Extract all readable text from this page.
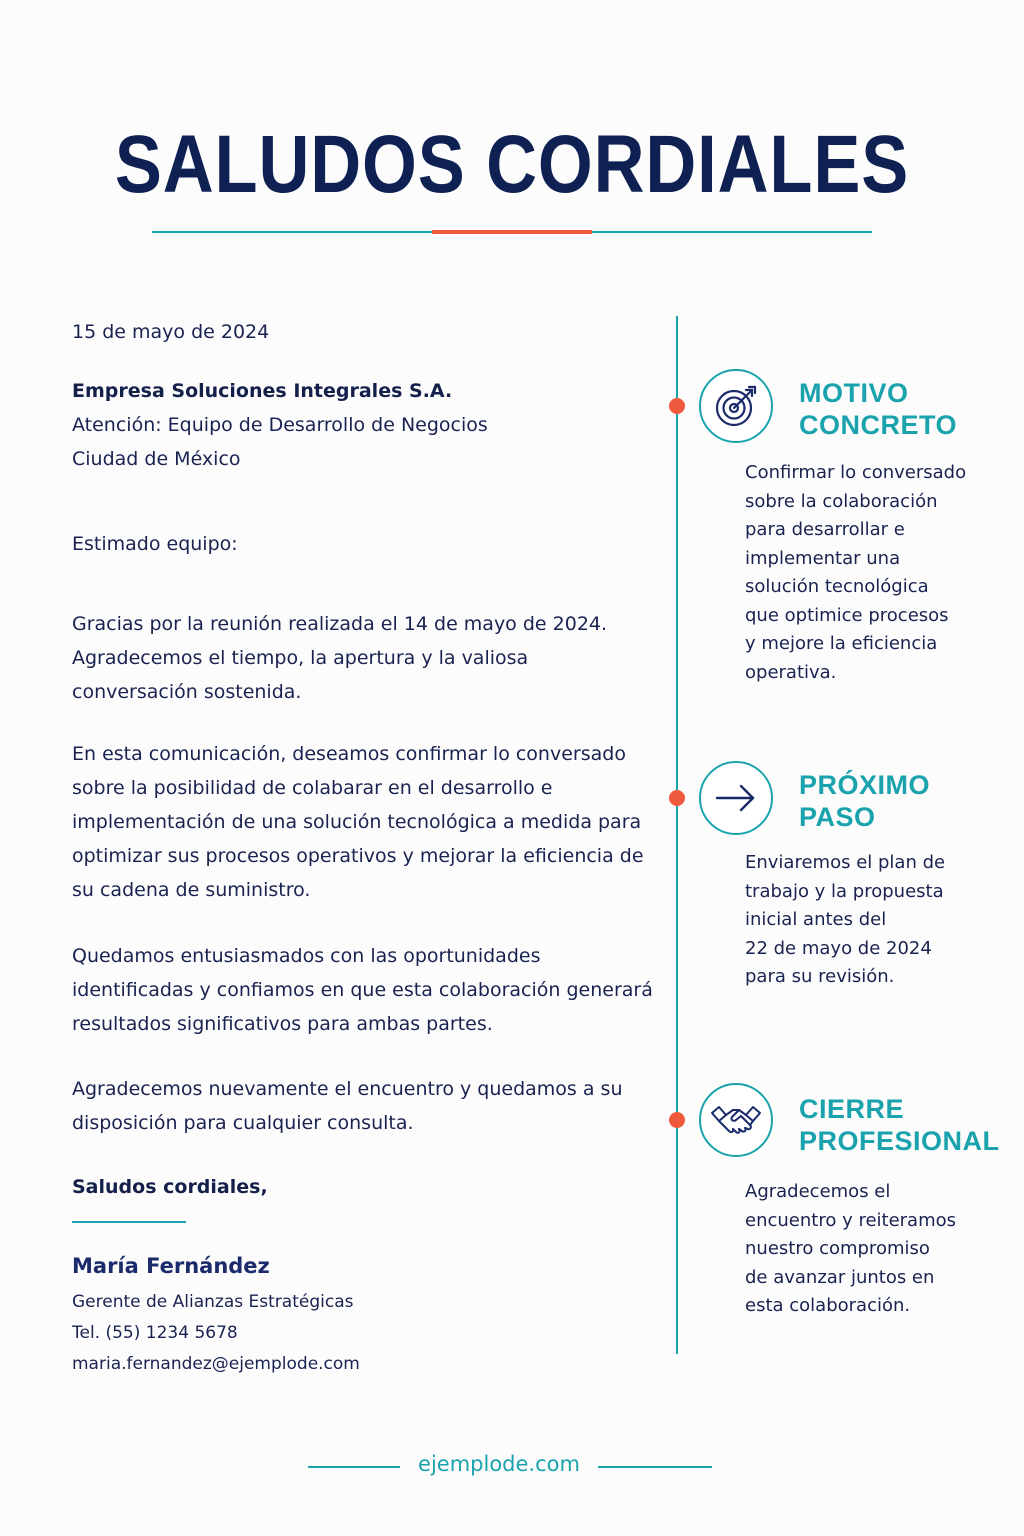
SALUDOS CORDIALES
15 de mayo de 2024
Empresa Soluciones Integrales S.A.
Atención: Equipo de Desarrollo de Negocios
Ciudad de México
Estimado equipo:

Gracias por la reunión realizada el 14 de mayo de 2024. Agradecemos el tiempo, la apertura y la valiosa conversación sostenida.

En esta comunicación, deseamos confirmar lo conversado sobre la posibilidad de colabarar en el desarrollo e implementación de una solución tecnológica a medida para optimizar sus procesos operativos y mejorar la eficiencia de su cadena de suministro.

Quedamos entusiasmados con las oportunidades identificadas y confiamos en que esta colaboración generará resultados significativos para ambas partes.

Agradecemos nuevamente el encuentro y quedamos a su disposición para cualquier consulta.

Saludos cordiales,
María Fernández
Gerente de Alianzas Estratégicas
Tel. (55) 1234 5678
maria.fernandez@ejemplode.com
MOTIVO
CONCRETO
Confirmar lo conversado
sobre la colaboración
para desarrollar e
implementar una
solución tecnológica
que optimice procesos
y mejore la eficiencia
operativa.
PRÓXIMO
PASO
Enviaremos el plan de
trabajo y la propuesta
inicial antes del
22 de mayo de 2024
para su revisión.
CIERRE
PROFESIONAL
Agradecemos el
encuentro y reiteramos
nuestro compromiso
de avanzar juntos en
esta colaboración.
ejemplode.com
